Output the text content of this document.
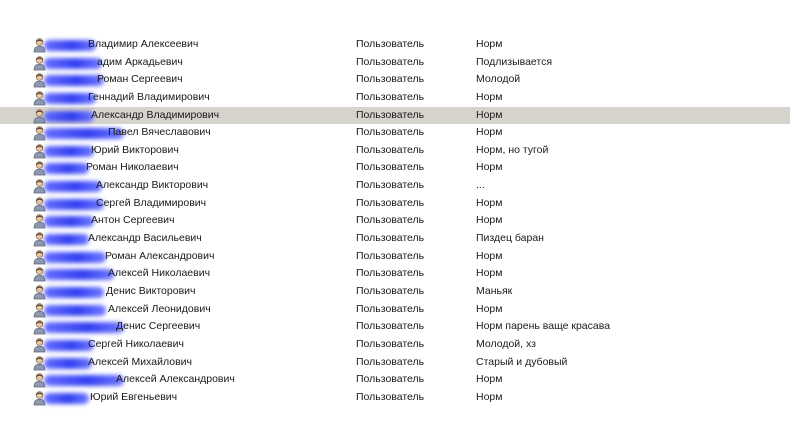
Владимир Алексеевич	Пользователь	Норм
адим Аркадьевич	Пользователь	Подлизывается
Роман Сергеевич	Пользователь	Молодой
Геннадий Владимирович	Пользователь	Норм
Александр Владимирович	Пользователь	Норм
Павел Вячеславович	Пользователь	Норм
Юрий Викторович	Пользователь	Норм, но тугой
Роман Николаевич	Пользователь	Норм
Александр Викторович	Пользователь	...
Сергей Владимирович	Пользователь	Норм
Антон Сергеевич	Пользователь	Норм
Александр Васильевич	Пользователь	Пиздец баран
Роман Александрович	Пользователь	Норм
Алексей Николаевич	Пользователь	Норм
Денис Викторович	Пользователь	Маньяк
Алексей Леонидович	Пользователь	Норм
Денис Сергеевич	Пользователь	Норм парень ваще красава
Сергей Николаевич	Пользователь	Молодой, хз
Алексей Михайлович	Пользователь	Старый и дубовый
Алексей Александрович	Пользователь	Норм
Юрий Евгеньевич	Пользователь	Норм
